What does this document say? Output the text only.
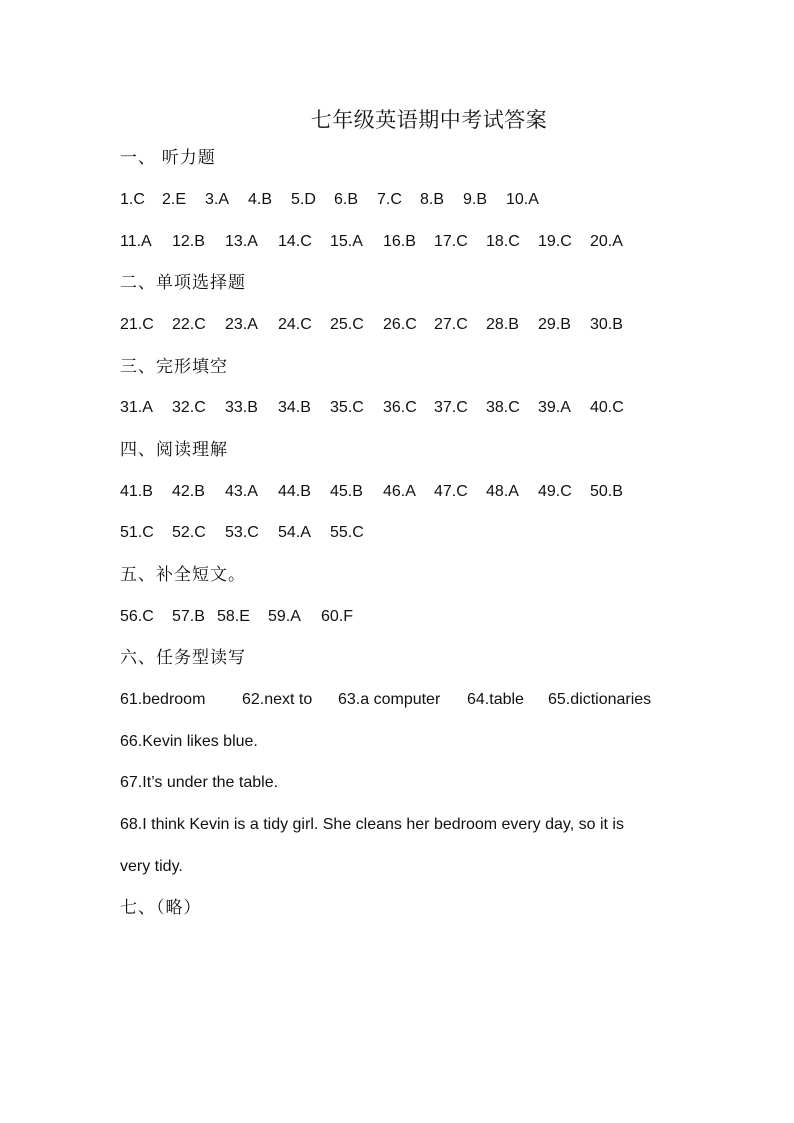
七年级英语期中考试答案
一、 听力题
1.C	2.E	3.A	4.B	5.D	6.B	7.C	8.B	9.B	10.A
11.A	12.B	13.A	14.C	15.A	16.B	17.C	18.C	19.C	20.A
二、单项选择题
21.C	22.C	23.A	24.C	25.C	26.C	27.C	28.B	29.B	30.B
三、完形填空
31.A	32.C	33.B	34.B	35.C	36.C	37.C	38.C	39.A	40.C
四、阅读理解
41.B	42.B	43.A	44.B	45.B	46.A	47.C	48.A	49.C	50.B
51.C	52.C	53.C	54.A	55.C
五、补全短文。
56.C	57.B 58.E	59.A	60.F
六、任务型读写
61.bedroom	62.next to	63.a computer	64.table	65.dictionaries
66.Kevin likes blue.
67.It’s under the table.
68.I think Kevin is a tidy girl. She cleans her bedroom every day, so it is
very tidy.
七、（略）
